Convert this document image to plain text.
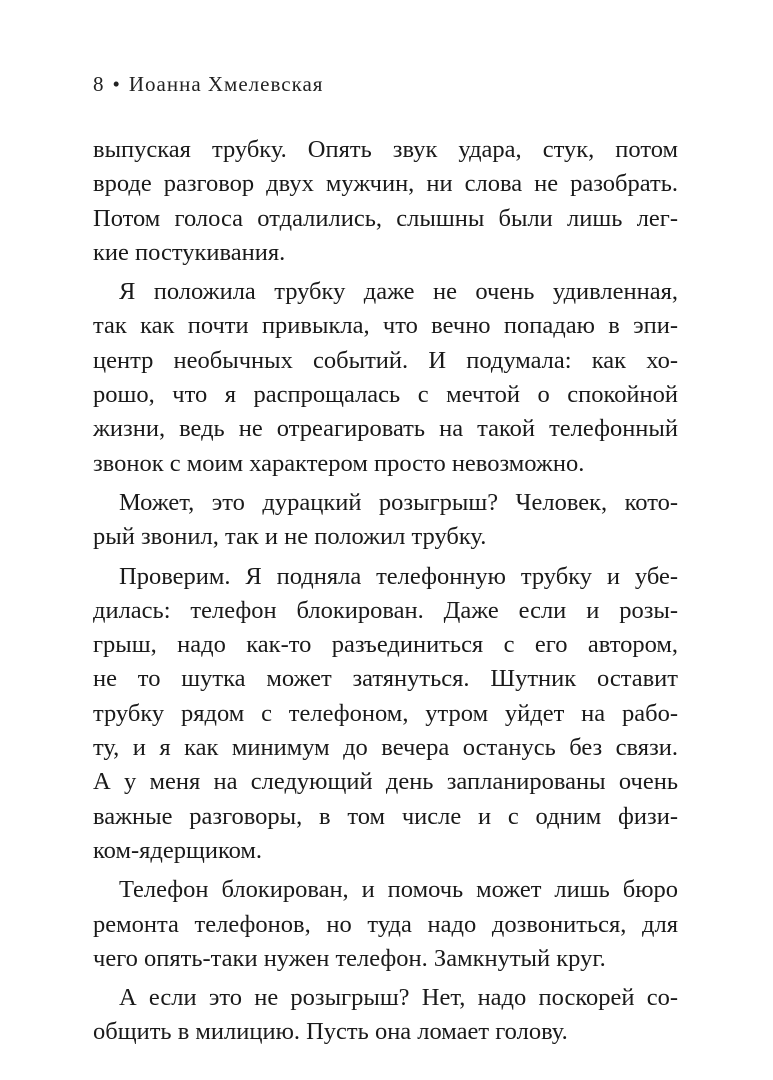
8 • Иоанна Хмелевская
выпуская трубку. Опять звук удара, стук, потом
вроде разговор двух мужчин, ни слова не разобрать.
Потом голоса отдалились, слышны были лишь лег-
кие постукивания.
Я положила трубку даже не очень удивленная,
так как почти привыкла, что вечно попадаю в эпи-
центр необычных событий. И подумала: как хо-
рошо, что я распрощалась с мечтой о спокойной
жизни, ведь не отреагировать на такой телефонный
звонок с моим характером просто невозможно.
Может, это дурацкий розыгрыш? Человек, кото-
рый звонил, так и не положил трубку.
Проверим. Я подняла телефонную трубку и убе-
дилась: телефон блокирован. Даже если и розы-
грыш, надо как-то разъединиться с его автором,
не то шутка может затянуться. Шутник оставит
трубку рядом с телефоном, утром уйдет на рабо-
ту, и я как минимум до вечера останусь без связи.
А у меня на следующий день запланированы очень
важные разговоры, в том числе и с одним физи-
ком-ядерщиком.
Телефон блокирован, и помочь может лишь бюро
ремонта телефонов, но туда надо дозвониться, для
чего опять-таки нужен телефон. Замкнутый круг.
А если это не розыгрыш? Нет, надо поскорей со-
общить в милицию. Пусть она ломает голову.
